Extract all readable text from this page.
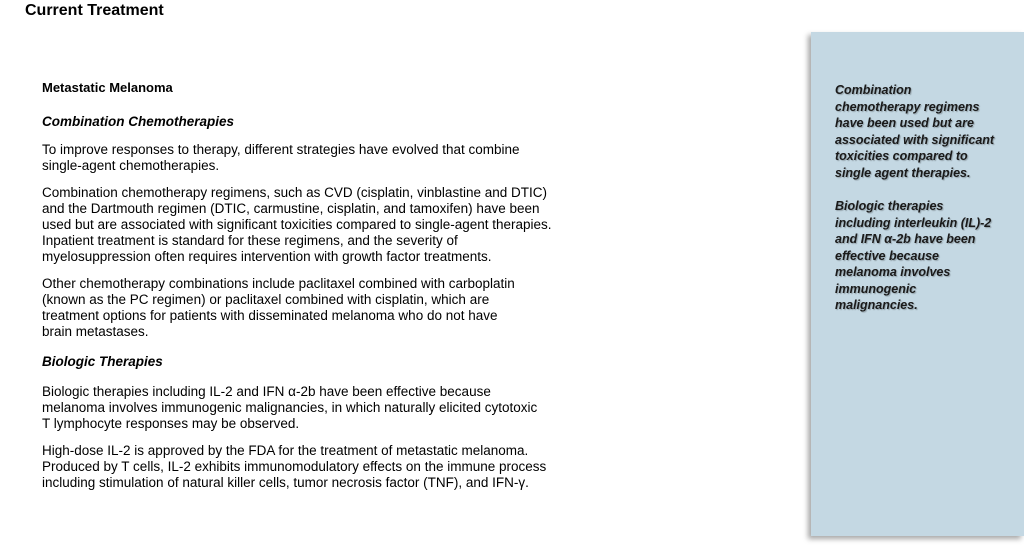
Current Treatment
Metastatic Melanoma
Combination Chemotherapies

To improve responses to therapy, different strategies have evolved that combine
single-agent chemotherapies.

Combination chemotherapy regimens, such as CVD (cisplatin, vinblastine and DTIC)
and the Dartmouth regimen (DTIC, carmustine, cisplatin, and tamoxifen) have been
used but are associated with significant toxicities compared to single-agent therapies.
Inpatient treatment is standard for these regimens, and the severity of
myelosuppression often requires intervention with growth factor treatments.

Other chemotherapy combinations include paclitaxel combined with carboplatin
(known as the PC regimen) or paclitaxel combined with cisplatin, which are
treatment options for patients with disseminated melanoma who do not have
brain metastases.

Biologic Therapies

Biologic therapies including IL-2 and IFN α-2b have been effective because
melanoma involves immunogenic malignancies, in which naturally elicited cytotoxic
T lymphocyte responses may be observed.

High-dose IL-2 is approved by the FDA for the treatment of metastatic melanoma.
Produced by T cells, IL-2 exhibits immunomodulatory effects on the immune process
including stimulation of natural killer cells, tumor necrosis factor (TNF), and IFN-γ.

Combination
chemotherapy regimens
have been used but are
associated with significant
toxicities compared to
single agent therapies.

Biologic therapies
including interleukin (IL)-2
and IFN α-2b have been
effective because
melanoma involves
immunogenic
malignancies.
